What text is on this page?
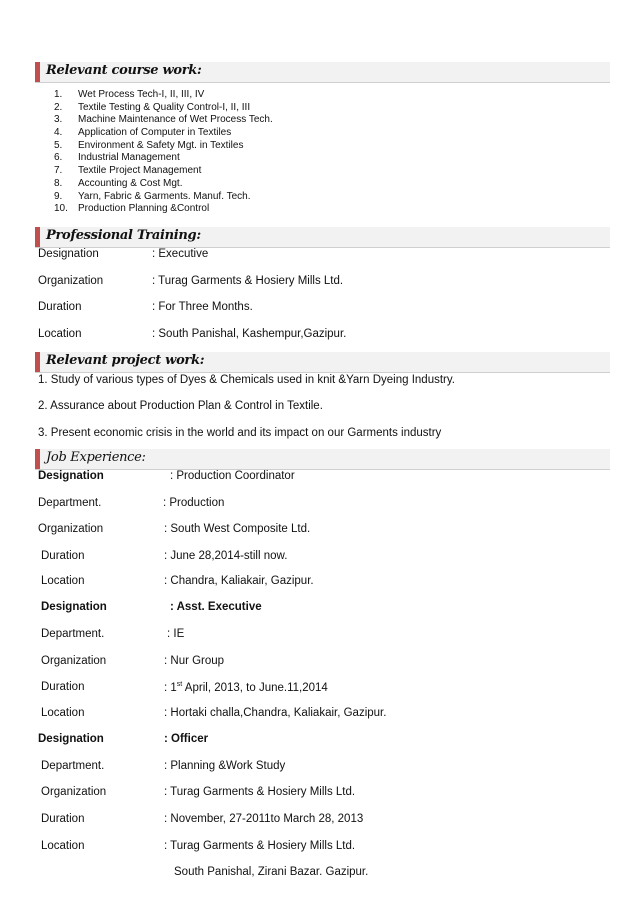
Relevant course work:
1.	Wet Process Tech-I, II, III, IV
2.	Textile Testing & Quality Control-I, II, III
3.	Machine Maintenance of Wet Process Tech.
4.	Application of Computer in Textiles
5.	Environment & Safety Mgt. in Textiles
6.	Industrial Management
7.	Textile Project Management
8.	Accounting & Cost Mgt.
9.	Yarn, Fabric & Garments. Manuf. Tech.
10.	Production Planning &Control
Professional Training:
Designation	: Executive
Organization	: Turag Garments & Hosiery Mills Ltd.
Duration	: For Three Months.
Location	: South Panishal, Kashempur,Gazipur.
Relevant project work:
1. Study of various types of Dyes & Chemicals used in knit &Yarn Dyeing Industry.
2. Assurance about Production Plan & Control in Textile.
3. Present economic crisis in the world and its impact on our Garments industry
Job Experience:
Designation	: Production Coordinator
Department.	: Production
Organization	: South West Composite Ltd.
Duration	: June 28,2014-still now.
Location	: Chandra, Kaliakair, Gazipur.
Designation	: Asst. Executive
Department.	: IE
Organization	: Nur Group
Duration	: 1st April, 2013, to June.11,2014
Location	: Hortaki challa,Chandra, Kaliakair, Gazipur.
Designation	: Officer
Department.	: Planning &Work Study
Organization	: Turag Garments & Hosiery Mills Ltd.
Duration	: November, 27-2011to March 28, 2013
Location	: Turag Garments & Hosiery Mills Ltd.
South Panishal, Zirani Bazar. Gazipur.
